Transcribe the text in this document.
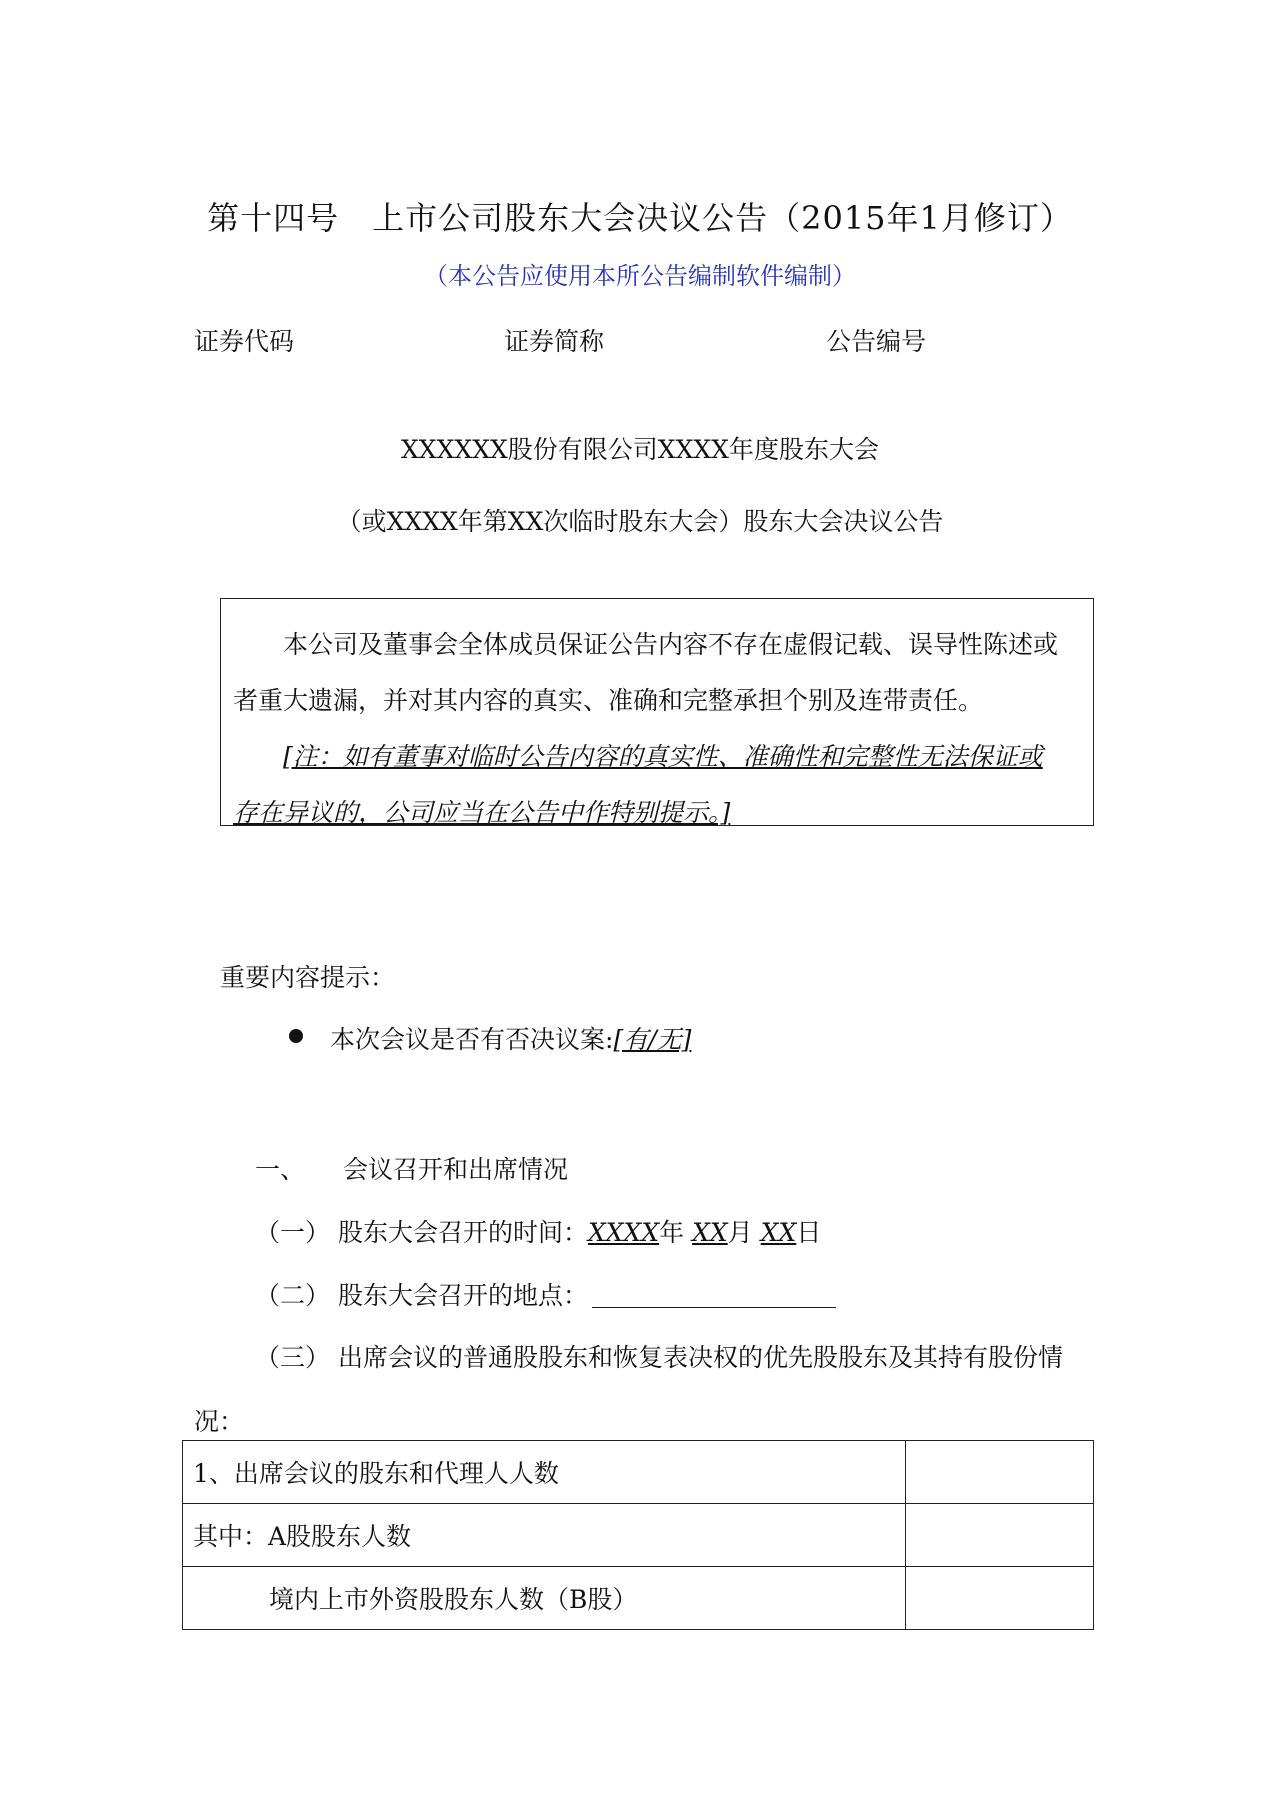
第十四号　上市公司股东大会决议公告（2015年1月修订）
（本公告应使用本所公告编制软件编制）
证券代码	证券简称	公告编号
XXXXXX股份有限公司XXXX年度股东大会
（或XXXX年第XX次临时股东大会）股东大会决议公告

本公司及董事会全体成员保证公告内容不存在虚假记载、误导性陈述或

者重大遗漏，并对其内容的真实、准确和完整承担个别及连带责任。

[注：如有董事对临时公告内容的真实性、准确性和完整性无法保证或

存在异议的，公司应当在公告中作特别提示。]

重要内容提示：
本次会议是否有否决议案:[有/无]
一、 会议召开和出席情况
（一） 股东大会召开的时间：XXXX年 XX月 XX日
（二） 股东大会召开的地点：
（三） 出席会议的普通股股东和恢复表决权的优先股股东及其持有股份情
况：
1、出席会议的股东和代理人人数	
其中：A股股东人数	
境内上市外资股股东人数（B股）	
